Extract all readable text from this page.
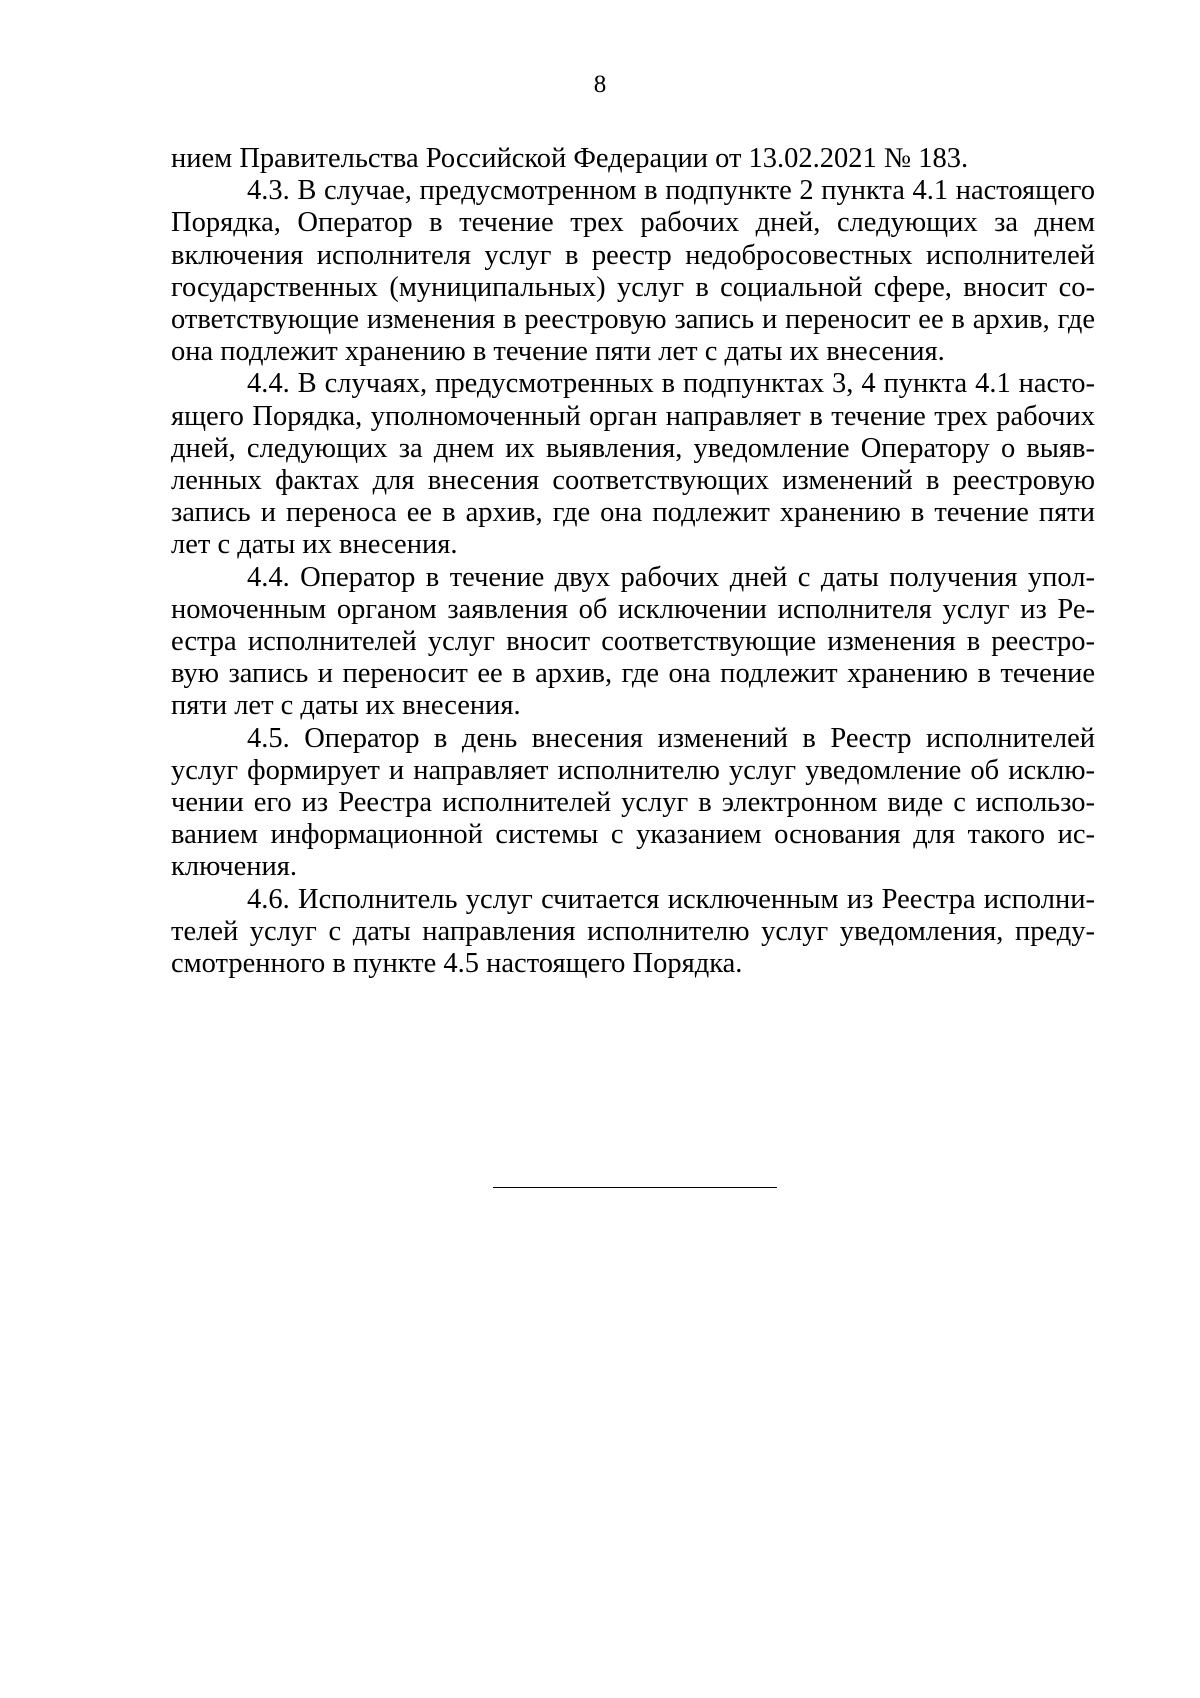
8

нием Правительства Российской Федерации от 13.02.2021 № 183.

4.3. В случае, предусмотренном в подпункте 2 пункта 4.1 настоящего
Порядка, Оператор в течение трех рабочих дней, следующих за днем
включения исполнителя услуг в реестр недобросовестных исполнителей
государственных (муниципальных) услуг в социальной сфере, вносит со-
ответствующие изменения в реестровую запись и переносит ее в архив, где
она подлежит хранению в течение пяти лет с даты их внесения.

4.4. В случаях, предусмотренных в подпунктах 3, 4 пункта 4.1 насто-
ящего Порядка, уполномоченный орган направляет в течение трех рабочих
дней, следующих за днем их выявления, уведомление Оператору о выяв-
ленных фактах для внесения соответствующих изменений в реестровую
запись и переноса ее в архив, где она подлежит хранению в течение пяти
лет с даты их внесения.

4.4. Оператор в течение двух рабочих дней с даты получения упол-
номоченным органом заявления об исключении исполнителя услуг из Ре-
естра исполнителей услуг вносит соответствующие изменения в реестро-
вую запись и переносит ее в архив, где она подлежит хранению в течение
пяти лет с даты их внесения.

4.5. Оператор в день внесения изменений в Реестр исполнителей
услуг формирует и направляет исполнителю услуг уведомление об исклю-
чении его из Реестра исполнителей услуг в электронном виде с использо-
ванием информационной системы с указанием основания для такого ис-
ключения.

4.6. Исполнитель услуг считается исключенным из Реестра исполни-
телей услуг с даты направления исполнителю услуг уведомления, преду-
смотренного в пункте 4.5 настоящего Порядка.
